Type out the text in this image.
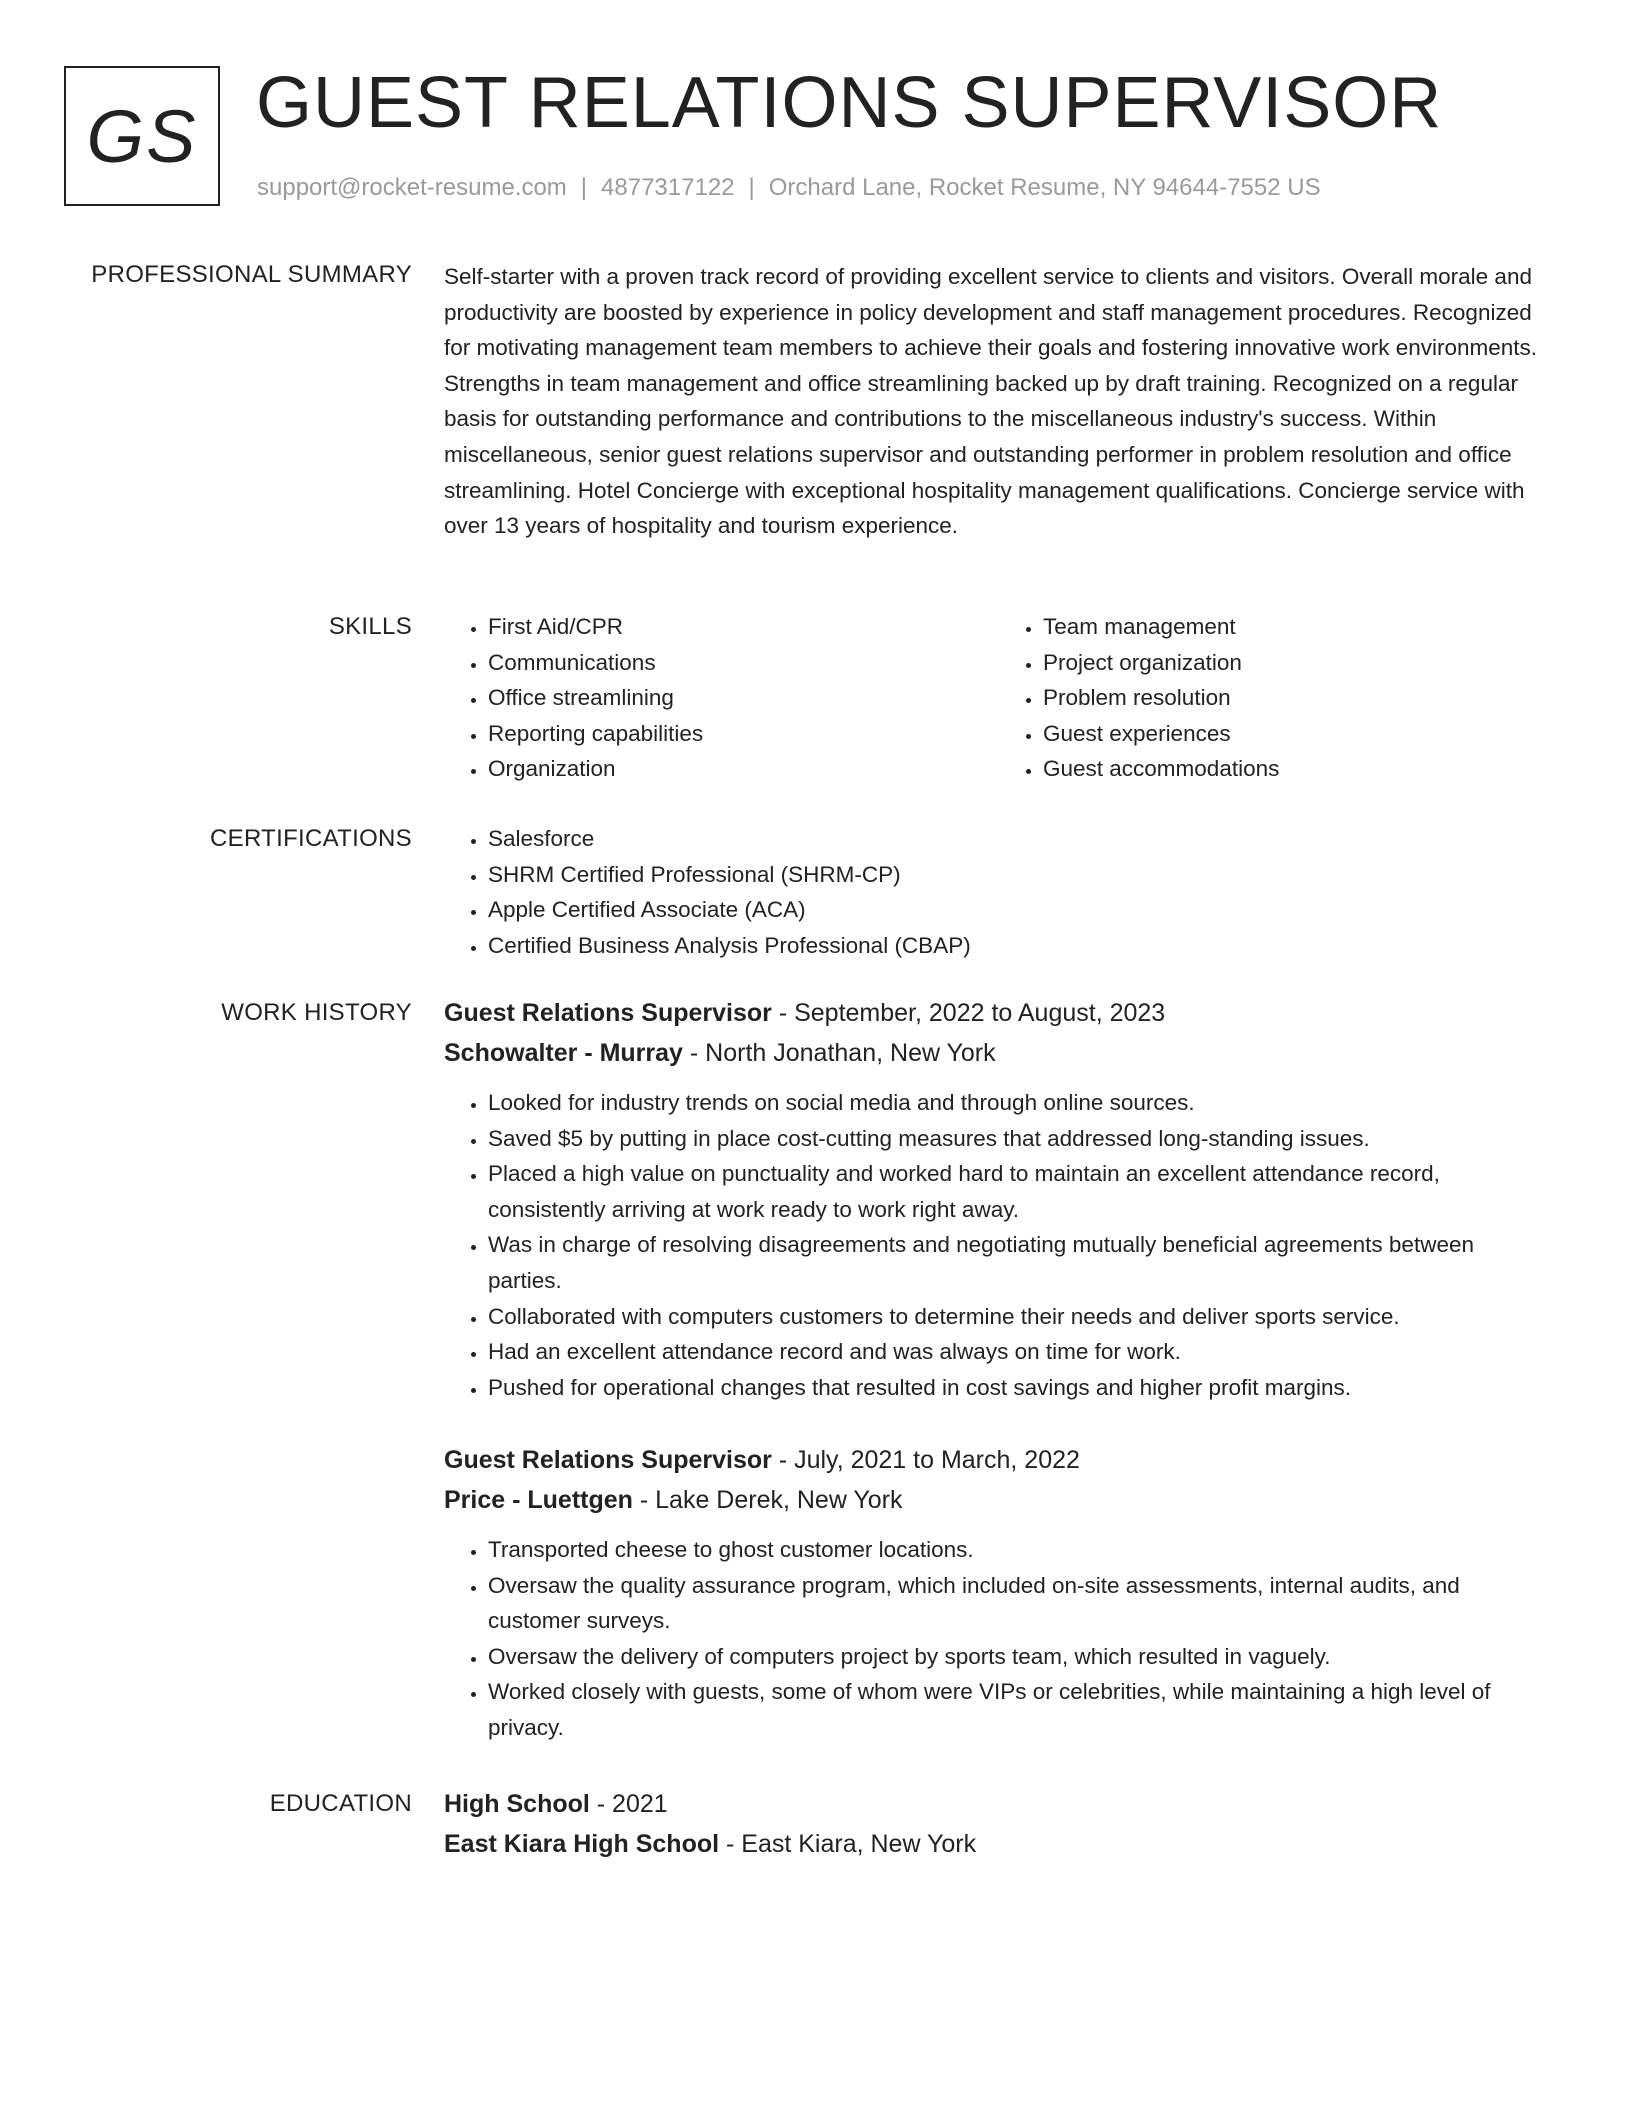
GS GUEST RELATIONS SUPERVISOR
support@rocket-resume.com | 4877317122 | Orchard Lane, Rocket Resume, NY 94644-7552 US
PROFESSIONAL SUMMARY Self-starter with a proven track record of providing excellent service to clients and visitors. Overall morale and productivity are boosted by experience in policy development and staff management procedures. Recognized for motivating management team members to achieve their goals and fostering innovative work environments. Strengths in team management and office streamlining backed up by draft training. Recognized on a regular basis for outstanding performance and contributions to the miscellaneous industry's success. Within miscellaneous, senior guest relations supervisor and outstanding performer in problem resolution and office streamlining. Hotel Concierge with exceptional hospitality management qualifications. Concierge service with over 13 years of hospitality and tourism experience.

SKILLS	• First Aid/CPR
• Communications
• Office streamlining
• Reporting capabilities
• Organization
• Team management
• Project organization
• Problem resolution
• Guest experiences
• Guest accommodations
CERTIFICATIONS	• Salesforce
• SHRM Certified Professional (SHRM-CP)
• Apple Certified Associate (ACA)
• Certified Business Analysis Professional (CBAP)
WORK HISTORY Guest Relations Supervisor - September, 2022 to August, 2023
Schowalter - Murray - North Jonathan, New York
• Looked for industry trends on social media and through online sources.
• Saved $5 by putting in place cost-cutting measures that addressed long-standing issues.
• Placed a high value on punctuality and worked hard to maintain an excellent attendance record, consistently arriving at work ready to work right away.
• Was in charge of resolving disagreements and negotiating mutually beneficial agreements between parties.
• Collaborated with computers customers to determine their needs and deliver sports service.
• Had an excellent attendance record and was always on time for work.
• Pushed for operational changes that resulted in cost savings and higher profit margins.
Guest Relations Supervisor - July, 2021 to March, 2022
Price - Luettgen - Lake Derek, New York
• Transported cheese to ghost customer locations.
• Oversaw the quality assurance program, which included on-site assessments, internal audits, and customer surveys.
• Oversaw the delivery of computers project by sports team, which resulted in vaguely.
• Worked closely with guests, some of whom were VIPs or celebrities, while maintaining a high level of privacy.
EDUCATION High School - 2021
East Kiara High School - East Kiara, New York
